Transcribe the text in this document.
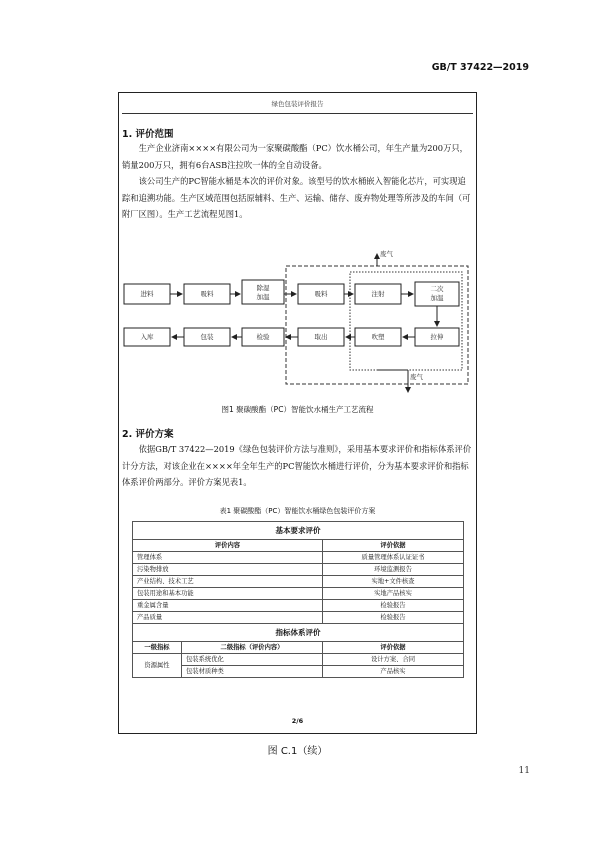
GB/T 37422—2019
绿色包装评价报告
1. 评价范围

生产企业济南××××有限公司为一家聚碳酸酯（PC）饮水桶公司，年生产量为200万只，销量200万只，拥有6台ASB注拉吹一体的全自动设备。

该公司生产的PC智能水桶是本次的评价对象。该型号的饮水桶嵌入智能化芯片，可实现追踪和追溯功能。生产区域范围包括原辅料、生产、运输、储存、废弃物处理等所涉及的车间（可附厂区图）。生产工艺流程见图1。

废气
废气
进料	吸料
除湿加温	吸料	注射
二次加温
入库	包装	检验	取出	吹塑	拉伸
图1 聚碳酸酯（PC）智能饮水桶生产工艺流程
2. 评价方案

依据GB/T 37422—2019《绿色包装评价方法与准则》，采用基本要求评价和指标体系评价计分方法，对该企业在××××年全年生产的PC智能饮水桶进行评价，分为基本要求评价和指标体系评价两部分。评价方案见表1。

表1 聚碳酸酯（PC）智能饮水桶绿色包装评价方案
基本要求评价		
评价内容		评价依据
管理体系		质量管理体系认证证书
污染物排放		环境监测报告
产业结构、技术工艺		实地+文件核查
包装用途和基本功能		实地产品核实
重金属含量		检验报告
产品质量		检验报告
指标体系评价		
一级指标	二级指标（评价内容）	评价依据
资源属性	包装系统优化	设计方案、合同
	包装材质种类	产品核实
2/6
图 C.1（续）
11
